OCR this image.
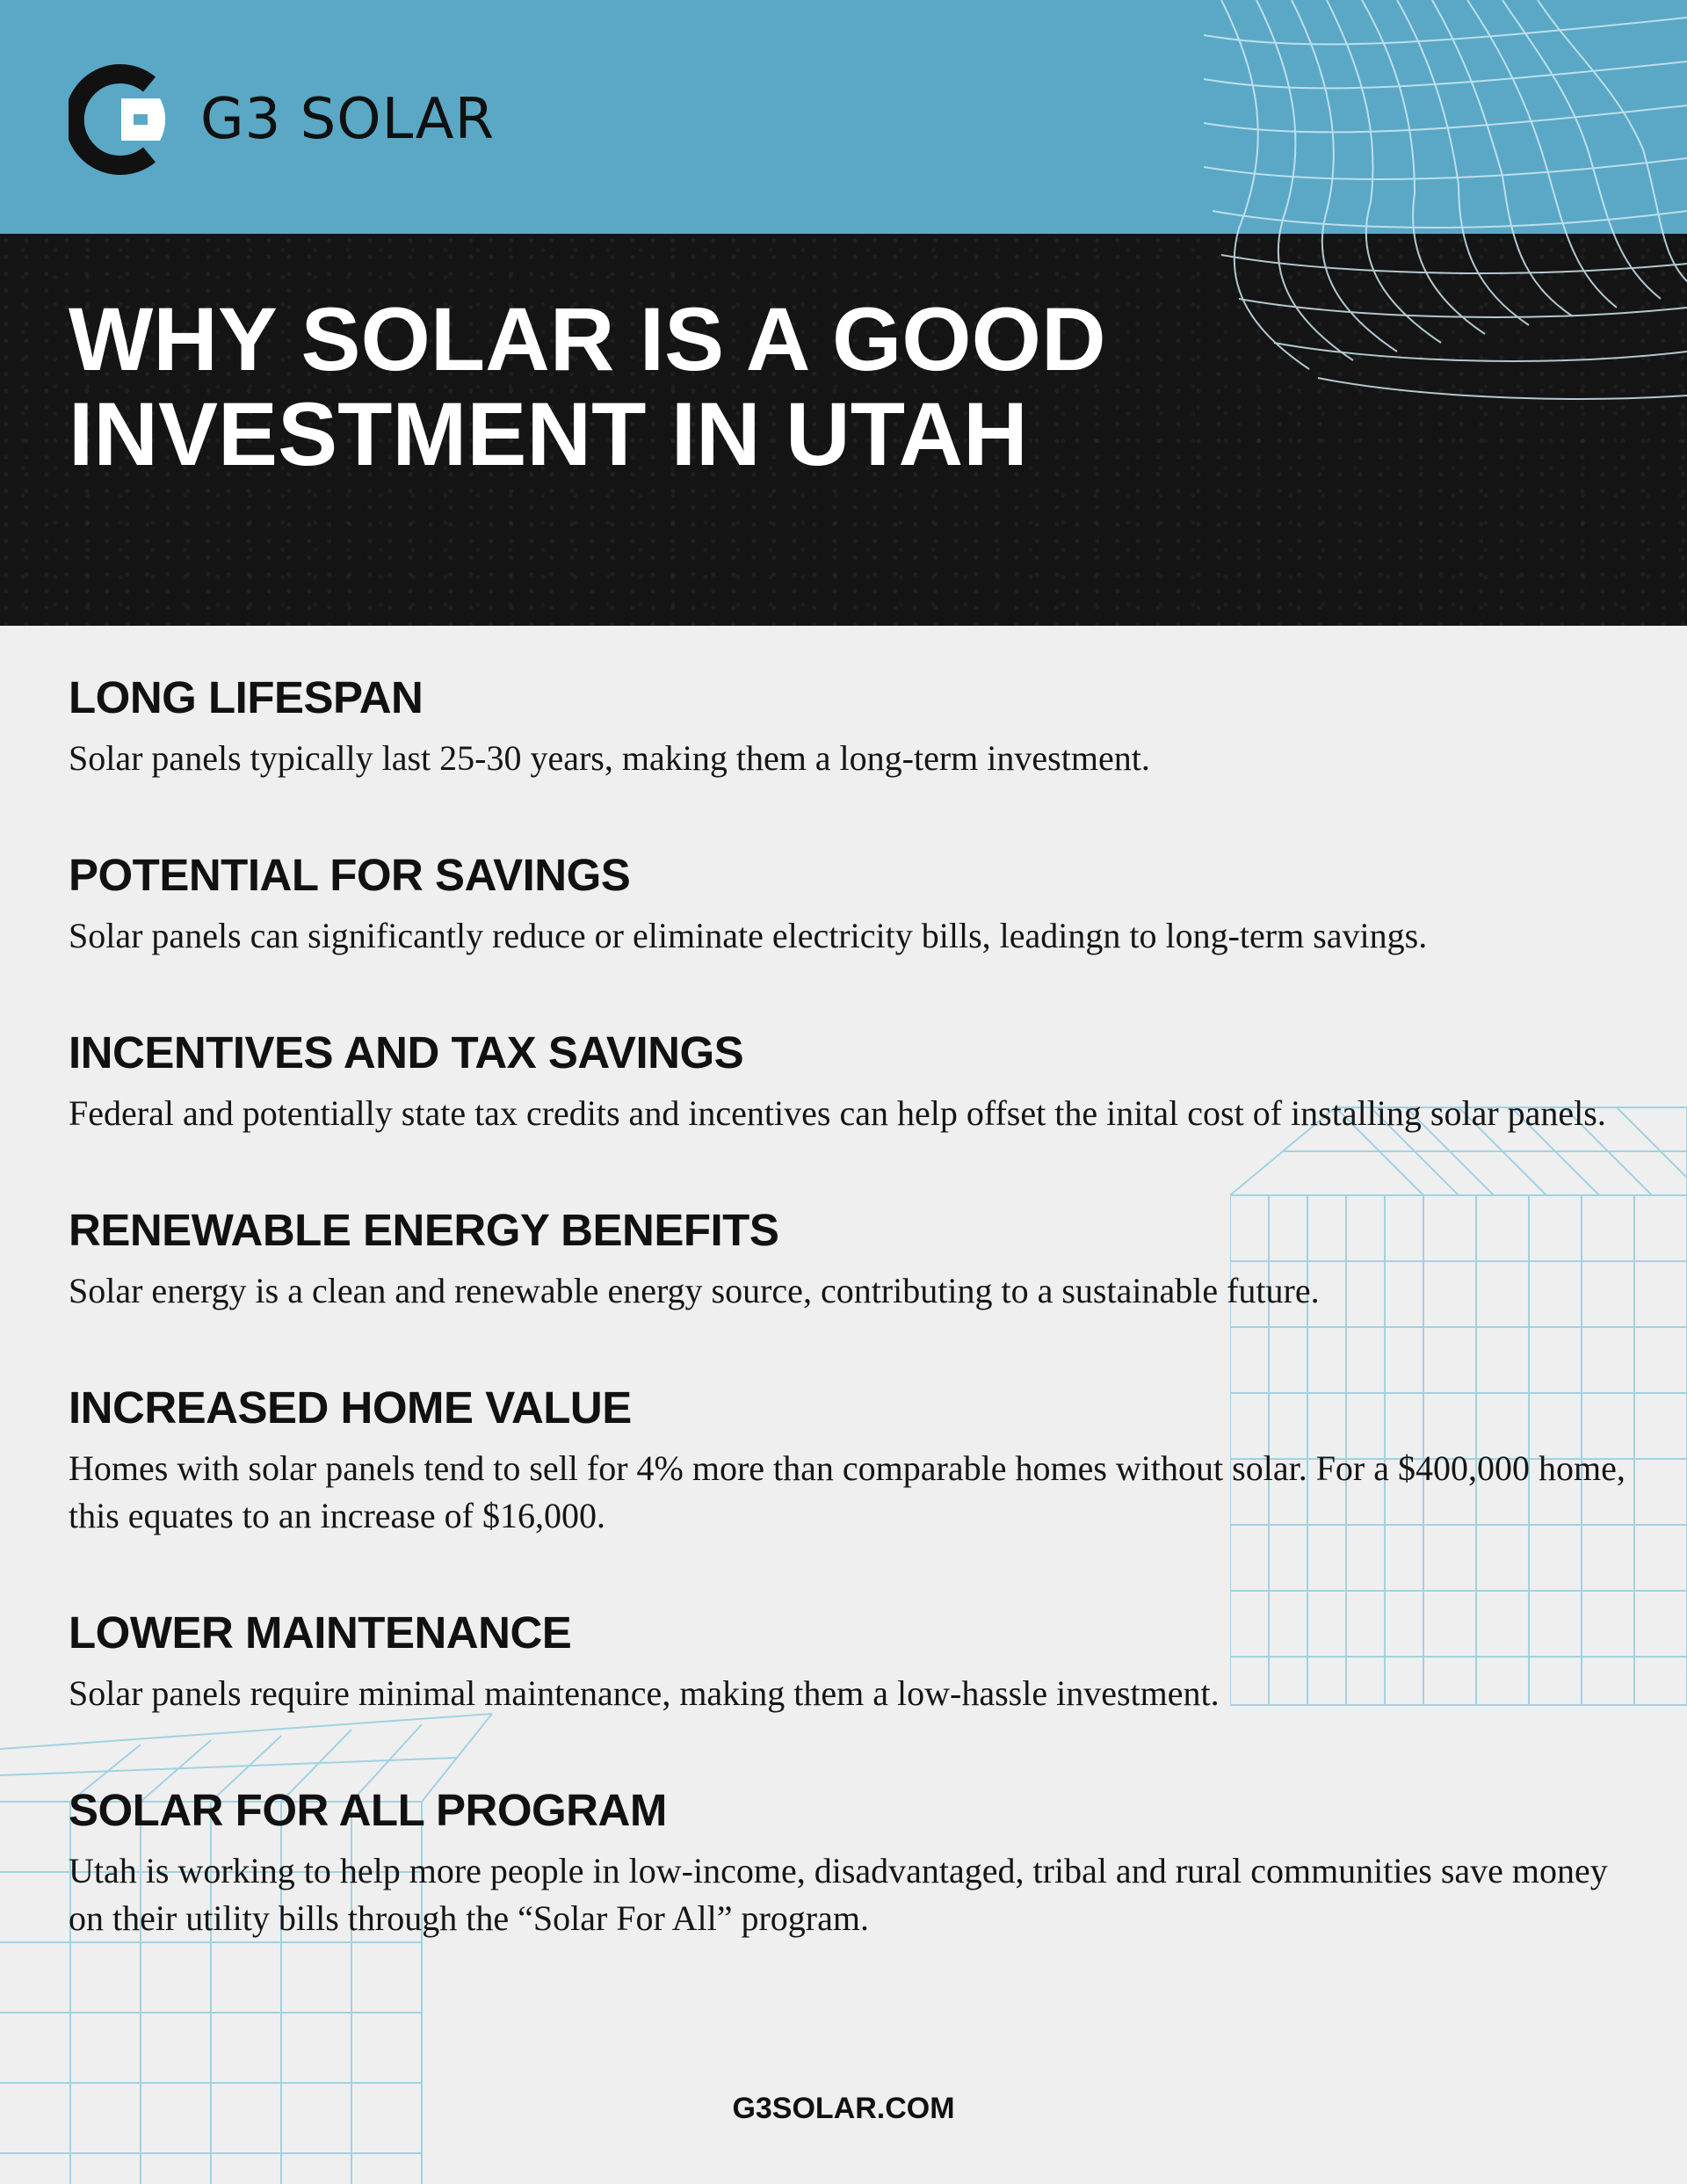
G3 SOLAR
WHY SOLAR IS A GOOD INVESTMENT IN UTAH
LONG LIFESPAN

Solar panels typically last 25-30 years, making them a long-term investment.

POTENTIAL FOR SAVINGS

Solar panels can significantly reduce or eliminate electricity bills, leadingn to long-term savings.

INCENTIVES AND TAX SAVINGS

Federal and potentially state tax credits and incentives can help offset the inital cost of installing solar panels.

RENEWABLE ENERGY BENEFITS

Solar energy is a clean and renewable energy source, contributing to a sustainable future.

INCREASED HOME VALUE

Homes with solar panels tend to sell for 4% more than comparable homes without solar. For a $400,000 home, this equates to an increase of $16,000.

LOWER MAINTENANCE

Solar panels require minimal maintenance, making them a low-hassle investment.

SOLAR FOR ALL PROGRAM

Utah is working to help more people in low-income, disadvantaged, tribal and rural communities save money on their utility bills through the “Solar For All” program.

G3SOLAR.COM
